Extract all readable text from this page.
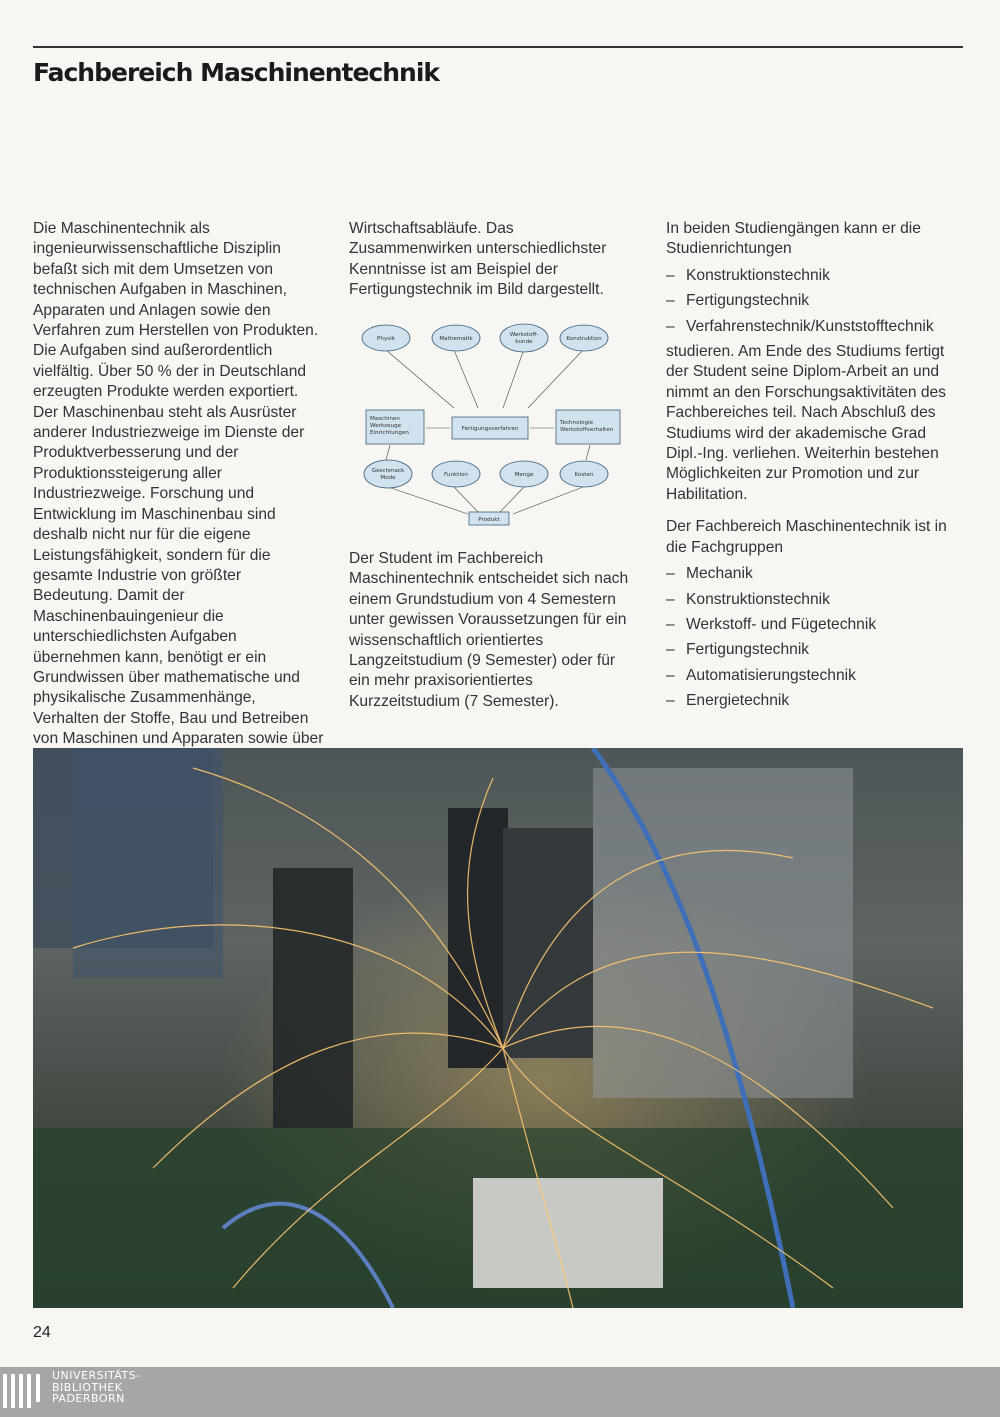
Fachbereich Maschinentechnik

Die Maschinentechnik als ingenieurwissenschaftliche Disziplin befaßt sich mit dem Umsetzen von technischen Aufgaben in Maschinen, Apparaten und Anlagen sowie den Verfahren zum Herstellen von Produkten. Die Aufgaben sind außerordentlich vielfältig. Über 50 % der in Deutschland erzeugten Produkte werden exportiert. Der Maschinenbau steht als Ausrüster anderer Industriezweige im Dienste der Produktverbesserung und der Produktionssteigerung aller Industriezweige. Forschung und Entwicklung im Maschinenbau sind deshalb nicht nur für die eigene Leistungsfähigkeit, sondern für die gesamte Industrie von größter Bedeutung. Damit der Maschinenbauingenieur die unterschiedlichsten Aufgaben übernehmen kann, benötigt er ein Grundwissen über mathematische und physikalische Zusammenhänge, Verhalten der Stoffe, Bau und Betreiben von Maschinen und Apparaten sowie über

Wirtschaftsabläufe. Das Zusammenwirken unterschiedlichster Kenntnisse ist am Beispiel der Fertigungstechnik im Bild dargestellt.

Der Student im Fachbereich Maschinentechnik entscheidet sich nach einem Grundstudium von 4 Semestern unter gewissen Voraussetzungen für ein wissenschaftlich orientiertes Langzeitstudium (9 Semester) oder für ein mehr praxisorientiertes Kurzzeitstudium (7 Semester).

Physik	Mathematik
Werkstoff-
kunde	Konstruktion
Maschinen
Werkzeuge
Einrichtungen
Fertigungsverfahren
Technologie
Werkstoffverhalten
Geschmack
Mode	Funktion	Menge	Kosten
Produkt

In beiden Studiengängen kann er die Studienrichtungen

– Konstruktionstechnik
– Fertigungstechnik
– Verfahrenstechnik/Kunststofftechnik

studieren. Am Ende des Studiums fertigt der Student seine Diplom-Arbeit an und nimmt an den Forschungsaktivitäten des Fachbereiches teil. Nach Abschluß des Studiums wird der akademische Grad Dipl.-Ing. verliehen. Weiterhin bestehen Möglichkeiten zur Promotion und zur Habilitation.

Der Fachbereich Maschinentechnik ist in die Fachgruppen

– Mechanik
– Konstruktionstechnik
– Werkstoff- und Fügetechnik
– Fertigungstechnik
– Automatisierungstechnik
– Energietechnik
24
UNIVERSITÄTS-
BIBLIOTHEK
PADERBORN
